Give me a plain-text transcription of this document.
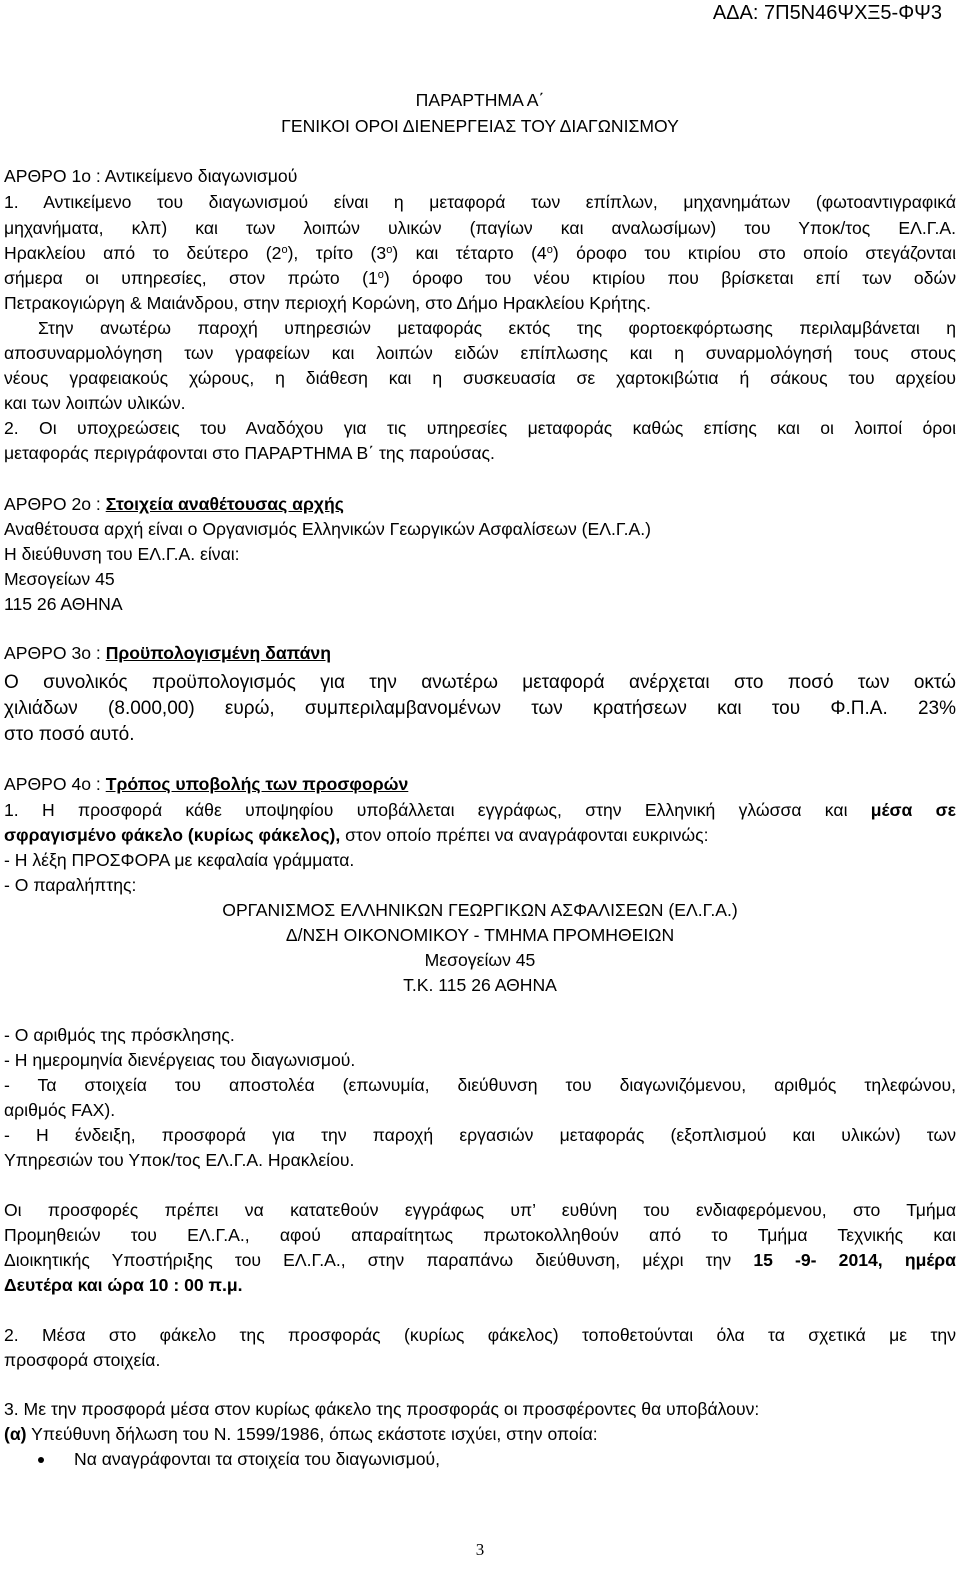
ΑΔΑ: 7Π5Ν46ΨΧΞ5-ΦΨ3
ΠΑΡΑΡΤΗΜΑ Α΄
ΓΕΝΙΚΟΙ ΟΡΟΙ ΔΙΕΝΕΡΓΕΙΑΣ ΤΟΥ ΔΙΑΓΩΝΙΣΜΟΥ
ΑΡΘΡΟ 1ο : Αντικείμενο διαγωνισμού
1. Αντικείμενο του διαγωνισμού είναι η μεταφορά των επίπλων, μηχανημάτων (φωτοαντιγραφικά
μηχανήματα, κλπ) και των λοιπών υλικών (παγίων και αναλωσίμων) του Υποκ/τος ΕΛ.Γ.Α.
Ηρακλείου από το δεύτερο $(2^o)$, τρίτο $(3^o)$ και τέταρτο $(4^o)$ όροφο του κτιρίου στο οποίο στεγάζονται
σήμερα οι υπηρεσίες, στον πρώτο $(1^o)$ όροφο του νέου κτιρίου που βρίσκεται επί των οδών
Πετρακογιώργη & Μαιάνδρου, στην περιοχή Κορώνη, στο Δήμο Ηρακλείου Κρήτης.
Στην ανωτέρω παροχή υπηρεσιών μεταφοράς εκτός της φορτοεκφόρτωσης περιλαμβάνεται η
αποσυναρμολόγηση των γραφείων και λοιπών ειδών επίπλωσης και η συναρμολόγησή τους στους
νέους γραφειακούς χώρους, η διάθεση και η συσκευασία σε χαρτοκιβώτια ή σάκους του αρχείου
και των λοιπών υλικών.
2. Οι υποχρεώσεις του Αναδόχου για τις υπηρεσίες μεταφοράς καθώς επίσης και οι λοιποί όροι
μεταφοράς περιγράφονται στο ΠΑΡΑΡΤΗΜΑ Β΄ της παρούσας.
ΑΡΘΡΟ 2ο : Στοιχεία αναθέτουσας αρχής
Αναθέτουσα αρχή είναι ο Οργανισμός Ελληνικών Γεωργικών Ασφαλίσεων (ΕΛ.Γ.Α.)
Η διεύθυνση του ΕΛ.Γ.Α. είναι:
Μεσογείων 45
115 26 ΑΘΗΝΑ
ΑΡΘΡΟ 3ο : Προϋπολογισμένη δαπάνη
Ο συνολικός προϋπολογισμός για την ανωτέρω μεταφορά ανέρχεται στο ποσό των οκτώ
χιλιάδων (8.000,00) ευρώ, συμπεριλαμβανομένων των κρατήσεων και του Φ.Π.Α. 23%
στο ποσό αυτό.
ΑΡΘΡΟ 4ο : Τρόπος υποβολής των προσφορών
1. Η προσφορά κάθε υποψηφίου υποβάλλεται εγγράφως, στην Ελληνική γλώσσα και μέσα σε
σφραγισμένο φάκελο (κυρίως φάκελος), στον οποίο πρέπει να αναγράφονται ευκρινώς:
- Η λέξη ΠΡΟΣΦΟΡΑ με κεφαλαία γράμματα.
- Ο παραλήπτης:
ΟΡΓΑΝΙΣΜΟΣ ΕΛΛΗΝΙΚΩΝ ΓΕΩΡΓΙΚΩΝ ΑΣΦΑΛΙΣΕΩΝ (ΕΛ.Γ.Α.)
Δ/ΝΣΗ ΟΙΚΟΝΟΜΙΚΟΥ - ΤΜΗΜΑ ΠΡΟΜΗΘΕΙΩΝ
Μεσογείων 45
Τ.Κ. 115 26 ΑΘΗΝΑ
- Ο αριθμός της πρόσκλησης.
- Η ημερομηνία διενέργειας του διαγωνισμού.
- Τα στοιχεία του αποστολέα (επωνυμία, διεύθυνση του διαγωνιζόμενου, αριθμός τηλεφώνου,
αριθμός FAX).
- Η ένδειξη, προσφορά για την παροχή εργασιών μεταφοράς (εξοπλισμού και υλικών) των
Υπηρεσιών του Υποκ/τος ΕΛ.Γ.Α. Ηρακλείου.
Οι προσφορές πρέπει να κατατεθούν εγγράφως υπ’ ευθύνη του ενδιαφερόμενου, στο Τμήμα
Προμηθειών του ΕΛ.Γ.Α., αφού απαραίτητως πρωτοκολληθούν από το Τμήμα Τεχνικής και
Διοικητικής Υποστήριξης του ΕΛ.Γ.Α., στην παραπάνω διεύθυνση, μέχρι την 15 -9- 2014, ημέρα
Δευτέρα και ώρα 10 : 00 π.μ.
2. Μέσα στο φάκελο της προσφοράς (κυρίως φάκελος) τοποθετούνται όλα τα σχετικά με την
προσφορά στοιχεία.
3. Με την προσφορά μέσα στον κυρίως φάκελο της προσφοράς οι προσφέροντες θα υποβάλουν:
(α) Υπεύθυνη δήλωση του Ν. 1599/1986, όπως εκάστοτε ισχύει, στην οποία:
Να αναγράφονται τα στοιχεία του διαγωνισμού,
3
